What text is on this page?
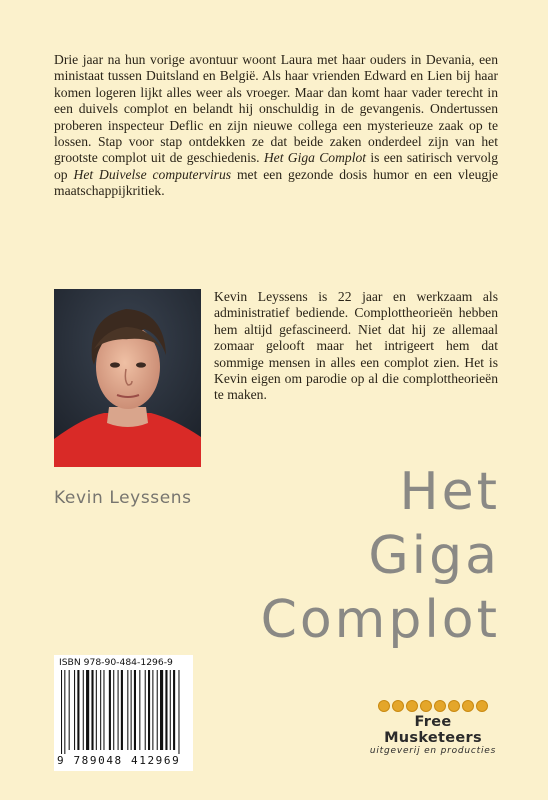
Drie jaar na hun vorige avontuur woont Laura met haar ouders in Devania, een ministaat tussen Duitsland en België. Als haar vrienden Edward en Lien bij haar komen logeren lijkt alles weer als vroeger. Maar dan komt haar vader terecht in een duivels complot en belandt hij onschuldig in de gevangenis. Ondertussen proberen inspecteur Deflic en zijn nieuwe collega een mysterieuze zaak op te lossen. Stap voor stap ontdekken ze dat beide zaken onderdeel zijn van het grootste complot uit de geschiedenis. Het Giga Complot is een satirisch vervolg op Het Duivelse computervirus met een gezonde dosis humor en een vleugje maatschappijkritiek.

Kevin Leyssens is 22 jaar en werkzaam als administratief bediende. Complottheorieën hebben hem altijd gefascineerd. Niet dat hij ze allemaal zomaar gelooft maar het intrigeert hem dat sommige mensen in alles een complot zien. Het is Kevin eigen om parodie op al die complottheorieën te maken.

Kevin Leyssens	Het
Giga
Complot
ISBN 978-90-484-1296-9
9 789048 412969
Free Musketeers
uitgeverij en producties
